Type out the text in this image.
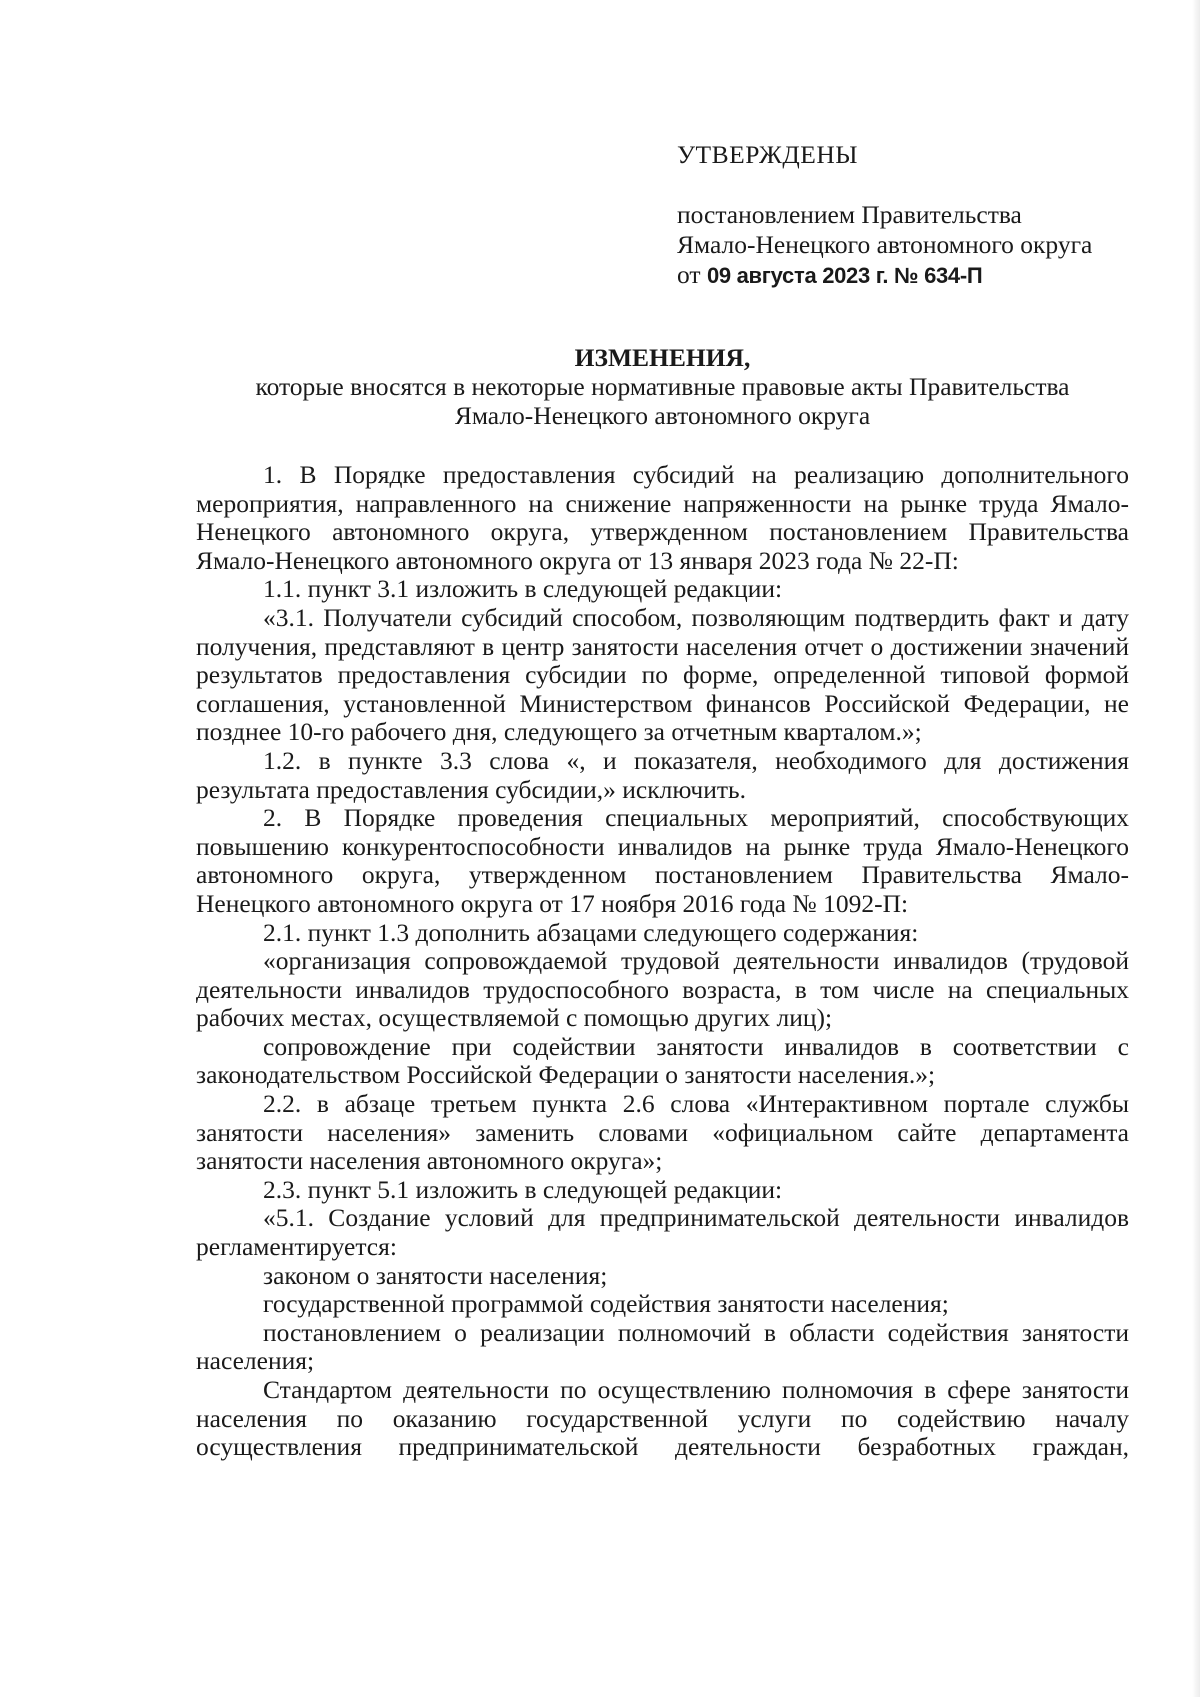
УТВЕРЖДЕНЫ

постановлением Правительства

Ямало-Ненецкого автономного округа

от 09 августа 2023 г. № 634-П

ИЗМЕНЕНИЯ,

которые вносятся в некоторые нормативные правовые акты Правительства

Ямало-Ненецкого автономного округа

1. В Порядке предоставления субсидий на реализацию дополнительного мероприятия, направленного на снижение напряженности на рынке труда Ямало-Ненецкого автономного округа, утвержденном постановлением Правительства Ямало-Ненецкого автономного округа от 13 января 2023 года № 22-П:

1.1. пункт 3.1 изложить в следующей редакции:

«3.1. Получатели субсидий способом, позволяющим подтвердить факт и дату получения, представляют в центр занятости населения отчет о достижении значений результатов предоставления субсидии по форме, определенной типовой формой соглашения, установленной Министерством финансов Российской Федерации, не позднее 10-го рабочего дня, следующего за отчетным кварталом.»;

1.2. в пункте 3.3 слова «, и показателя, необходимого для достижения результата предоставления субсидии,» исключить.

2. В Порядке проведения специальных мероприятий, способствующих повышению конкурентоспособности инвалидов на рынке труда Ямало-Ненецкого автономного округа, утвержденном постановлением Правительства Ямало-Ненецкого автономного округа от 17 ноября 2016 года № 1092-П:

2.1. пункт 1.3 дополнить абзацами следующего содержания:

«организация сопровождаемой трудовой деятельности инвалидов (трудовой деятельности инвалидов трудоспособного возраста, в том числе на специальных рабочих местах, осуществляемой с помощью других лиц);

сопровождение при содействии занятости инвалидов в соответствии с законодательством Российской Федерации о занятости населения.»;

2.2. в абзаце третьем пункта 2.6 слова «Интерактивном портале службы занятости населения» заменить словами «официальном сайте департамента занятости населения автономного округа»;

2.3. пункт 5.1 изложить в следующей редакции:

«5.1. Создание условий для предпринимательской деятельности инвалидов регламентируется:

законом о занятости населения;

государственной программой содействия занятости населения;

постановлением о реализации полномочий в области содействия занятости населения;

Стандартом деятельности по осуществлению полномочия в сфере занятости населения по оказанию государственной услуги по содействию началу осуществления предпринимательской деятельности безработных граждан,
